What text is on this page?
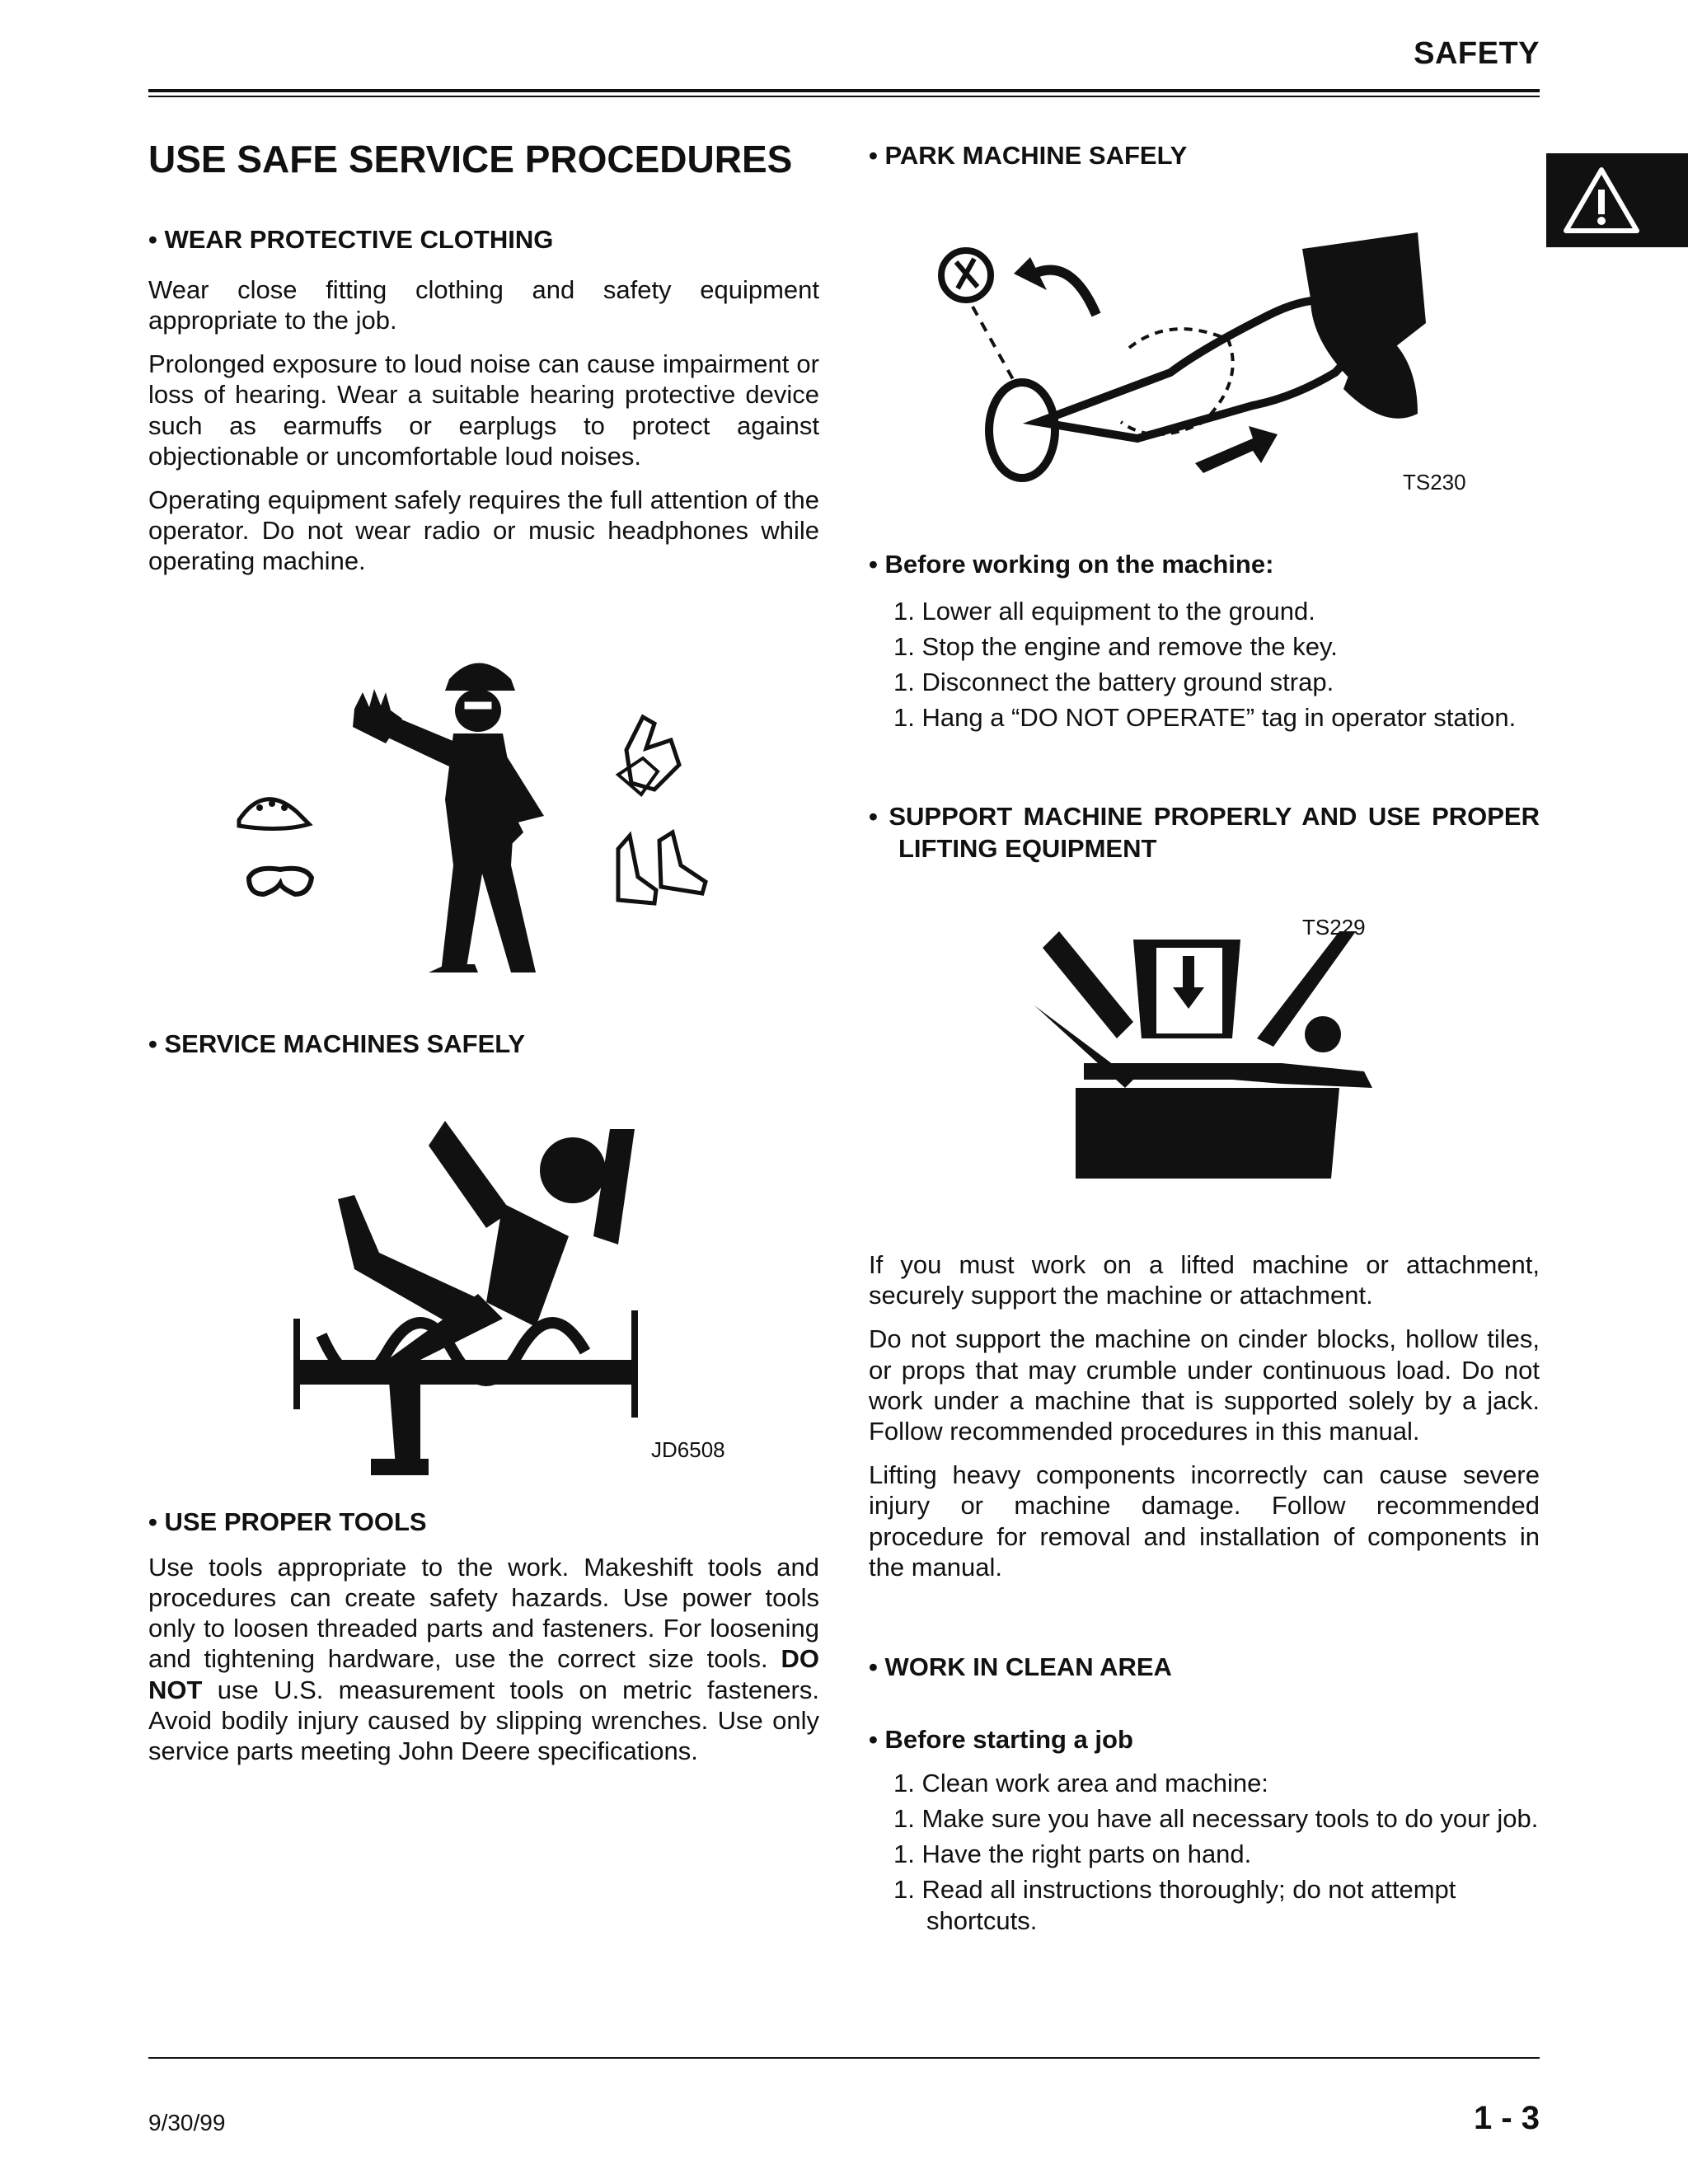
SAFETY
USE SAFE SERVICE PROCEDURES

• WEAR PROTECTIVE CLOTHING

Wear close fitting clothing and safety equipment appropriate to the job.

Prolonged exposure to loud noise can cause impairment or loss of hearing. Wear a suitable hearing protective device such as earmuffs or earplugs to protect against objectionable or uncomfortable loud noises.

Operating equipment safely requires the full attention of the operator. Do not wear radio or music headphones while operating machine.

• SERVICE MACHINES SAFELY

JD6508

• USE PROPER TOOLS

Use tools appropriate to the work. Makeshift tools and procedures can create safety hazards. Use power tools only to loosen threaded parts and fasteners. For loosening and tightening hardware, use the correct size tools. DO NOT use U.S. measurement tools on metric fasteners. Avoid bodily injury caused by slipping wrenches. Use only service parts meeting John Deere specifications.

• PARK MACHINE SAFELY

TS230

• Before working on the machine:

1. Lower all equipment to the ground.

1. Stop the engine and remove the key.

1. Disconnect the battery ground strap.

1. Hang a “DO NOT OPERATE” tag in operator station.

• SUPPORT MACHINE PROPERLY AND USE PROPER LIFTING EQUIPMENT

TS229

If you must work on a lifted machine or attachment, securely support the machine or attachment.

Do not support the machine on cinder blocks, hollow tiles, or props that may crumble under continuous load. Do not work under a machine that is supported solely by a jack. Follow recommended procedures in this manual.

Lifting heavy components incorrectly can cause severe injury or machine damage. Follow recommended procedure for removal and installation of components in the manual.

• WORK IN CLEAN AREA

• Before starting a job

1. Clean work area and machine:

1. Make sure you have all necessary tools to do your job.

1. Have the right parts on hand.

1. Read all instructions thoroughly; do not attempt shortcuts.

9/30/99	1 - 3
